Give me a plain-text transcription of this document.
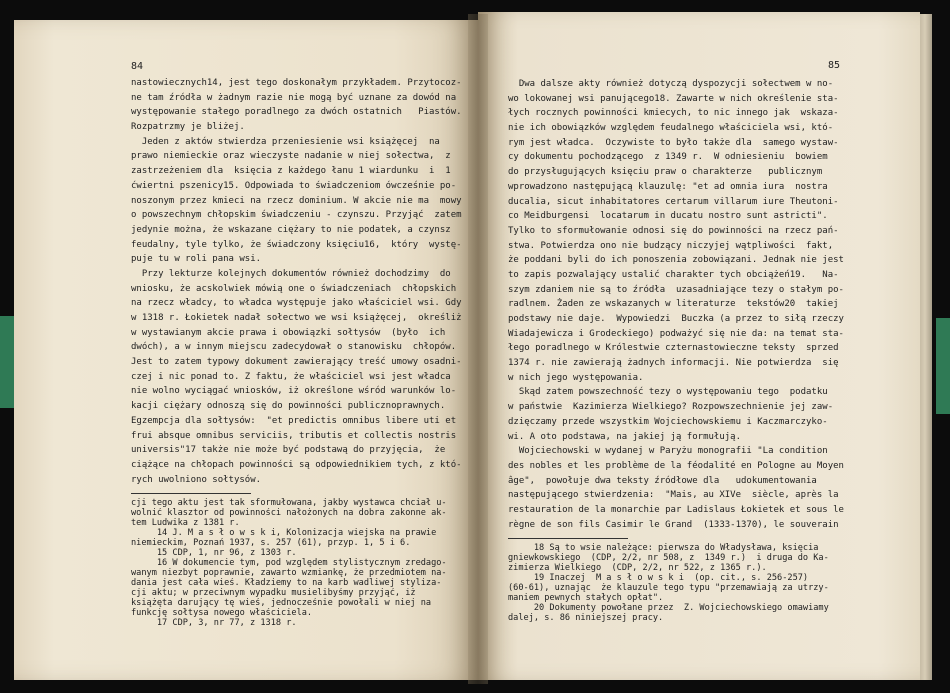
84
nastowiecznych14, jest tego doskonałym przykładem. Przytocoz-
ne tam źródła w żadnym razie nie mogą być uznane za dowód na
występowanie stałego poradlnego za dwóch ostatnich   Piastów.
Rozpatrzmy je bliżej.
Jeden z aktów stwierdza przeniesienie wsi książęcej  na
prawo niemieckie oraz wieczyste nadanie w niej sołectwa,  z
zastrzeżeniem dla  księcia z każdego łanu 1 wiardunku  i  1
ćwiertni pszenicy15. Odpowiada to świadczeniom ówcześnie po-
noszonym przez kmieci na rzecz dominium. W akcie nie ma  mowy
o powszechnym chłopskim świadczeniu - czynszu. Przyjąć  zatem
jedynie można, że wskazane ciężary to nie podatek, a czynsz
feudalny, tyle tylko, że świadczony księciu16,  który  wystę-
puje tu w roli pana wsi.
Przy lekturze kolejnych dokumentów również dochodzimy  do
wniosku, że acskolwiek mówią one o świadczeniach  chłopskich
na rzecz władcy, to władca występuje jako właściciel wsi. Gdy
w 1318 r. Łokietek nadał sołectwo we wsi książęcej,  określiż
w wystawianym akcie prawa i obowiązki sołtysów  (było  ich
dwóch), a w innym miejscu zadecydował o stanowisku  chłopów.
Jest to zatem typowy dokument zawierający treść umowy osadni-
czej i nic ponad to. Z faktu, że właściciel wsi jest władca
nie wolno wyciągać wniosków, iż określone wśród warunków lo-
kacji ciężary odnoszą się do powinności publicznoprawnych.
Egzempcja dla sołtysów:  "et predictis omnibus libere uti et
frui absque omnibus serviciis, tributis et collectis nostris
universis"17 także nie może być podstawą do przyjęcia,  że
ciążące na chłopach powinności są odpowiednikiem tych, z któ-
rych uwolniono sołtysów.
cji tego aktu jest tak sformułowana, jakby wystawca chciał u-
wolnić klasztor od powinności nałożonych na dobra zakonne ak-
tem Ludwika z 1381 r.
14 J. M a s ł o w s k i, Kolonizacja wiejska na prawie
niemieckim, Poznań 1937, s. 257 (61), przyp. 1, 5 i 6.
15 CDP, 1, nr 96, z 1303 r.
16 W dokumencie tym, pod względem stylistycznym zredago-
wanym niezbyt poprawnie, zawarto wzmiankę, że przedmiotem na-
dania jest cała wieś. Kładziemy to na karb wadliwej styliza-
cji aktu; w przeciwnym wypadku musielibyśmy przyjąć, iż
książęta darujący tę wieś, jednocześnie powołali w niej na
funkcję sołtysa nowego właściciela.
17 CDP, 3, nr 77, z 1318 r.
85
Dwa dalsze akty również dotyczą dyspozycji sołectwem w no-
wo lokowanej wsi panującego18. Zawarte w nich określenie sta-
łych rocznych powinności kmiecych, to nic innego jak  wskaza-
nie ich obowiązków względem feudalnego właściciela wsi, któ-
rym jest władca.  Oczywiste to było także dla  samego wystaw-
cy dokumentu pochodzącego  z 1349 r.  W odniesieniu  bowiem
do przysługujących księciu praw o charakterze   publicznym
wprowadzono następującą klauzulę: "et ad omnia iura  nostra
ducalia, sicut inhabitatores certarum villarum iure Theutoni-
co Meidburgensi  locatarum in ducatu nostro sunt astricti".
Tylko to sformułowanie odnosi się do powinności na rzecz pań-
stwa. Potwierdza ono nie budzący niczyjej wątpliwości  fakt,
że poddani byli do ich ponoszenia zobowiązani. Jednak nie jest
to zapis pozwalający ustalić charakter tych obciążeń19.   Na-
szym zdaniem nie są to źródła  uzasadniające tezy o stałym po-
radlnem. Żaden ze wskazanych w literaturze  tekstów20  takiej
podstawy nie daje.  Wypowiedzi  Buczka (a przez to siłą rzeczy
Wiadajewicza i Grodeckiego) podważyć się nie da: na temat sta-
łego poradlnego w Królestwie czternastowieczne teksty  sprzed
1374 r. nie zawierają żadnych informacji. Nie potwierdza  się
w nich jego występowania.
Skąd zatem powszechność tezy o występowaniu tego  podatku
w państwie  Kazimierza Wielkiego? Rozpowszechnienie jej zaw-
dzięczamy przede wszystkim Wojciechowskiemu i Kaczmarczyko-
wi. A oto podstawa, na jakiej ją formułują.
Wojciechowski w wydanej w Paryżu monografii "La condition
des nobles et les problème de la féodalité en Pologne au Moyen
âge",  powołuje dwa teksty źródłowe dla   udokumentowania
następującego stwierdzenia:  "Mais, au XIVe  siècle, après la
restauration de la monarchie par Ladislaus Łokietek et sous le
règne de son fils Casimir le Grand  (1333-1370), le souverain
18 Są to wsie należące: pierwsza do Władysława, księcia
gniewkowskiego  (CDP, 2/2, nr 508, z  1349 r.)  i druga do Ka-
zimierza Wielkiego  (CDP, 2/2, nr 522, z 1365 r.).
19 Inaczej  M a s ł o w s k i  (op. cit., s. 256-257)
(60-61), uznając  że klauzule tego typu "przemawiają za utrzy-
maniem pewnych stałych opłat".
20 Dokumenty powołane przez  Z. Wojciechowskiego omawiamy
dalej, s. 86 niniejszej pracy.
